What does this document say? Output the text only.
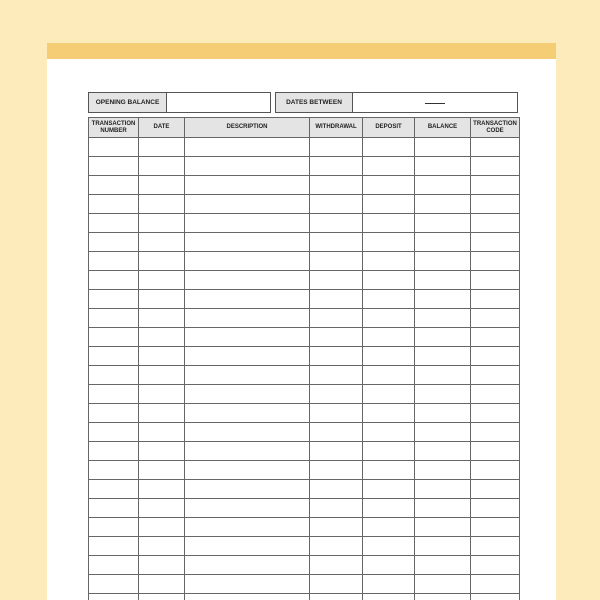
OPENING BALANCE	DATES BETWEEN
TRANSACTION NUMBER	DATE	DESCRIPTION	WITHDRAWAL	DEPOSIT	BALANCE	TRANSACTION CODE
